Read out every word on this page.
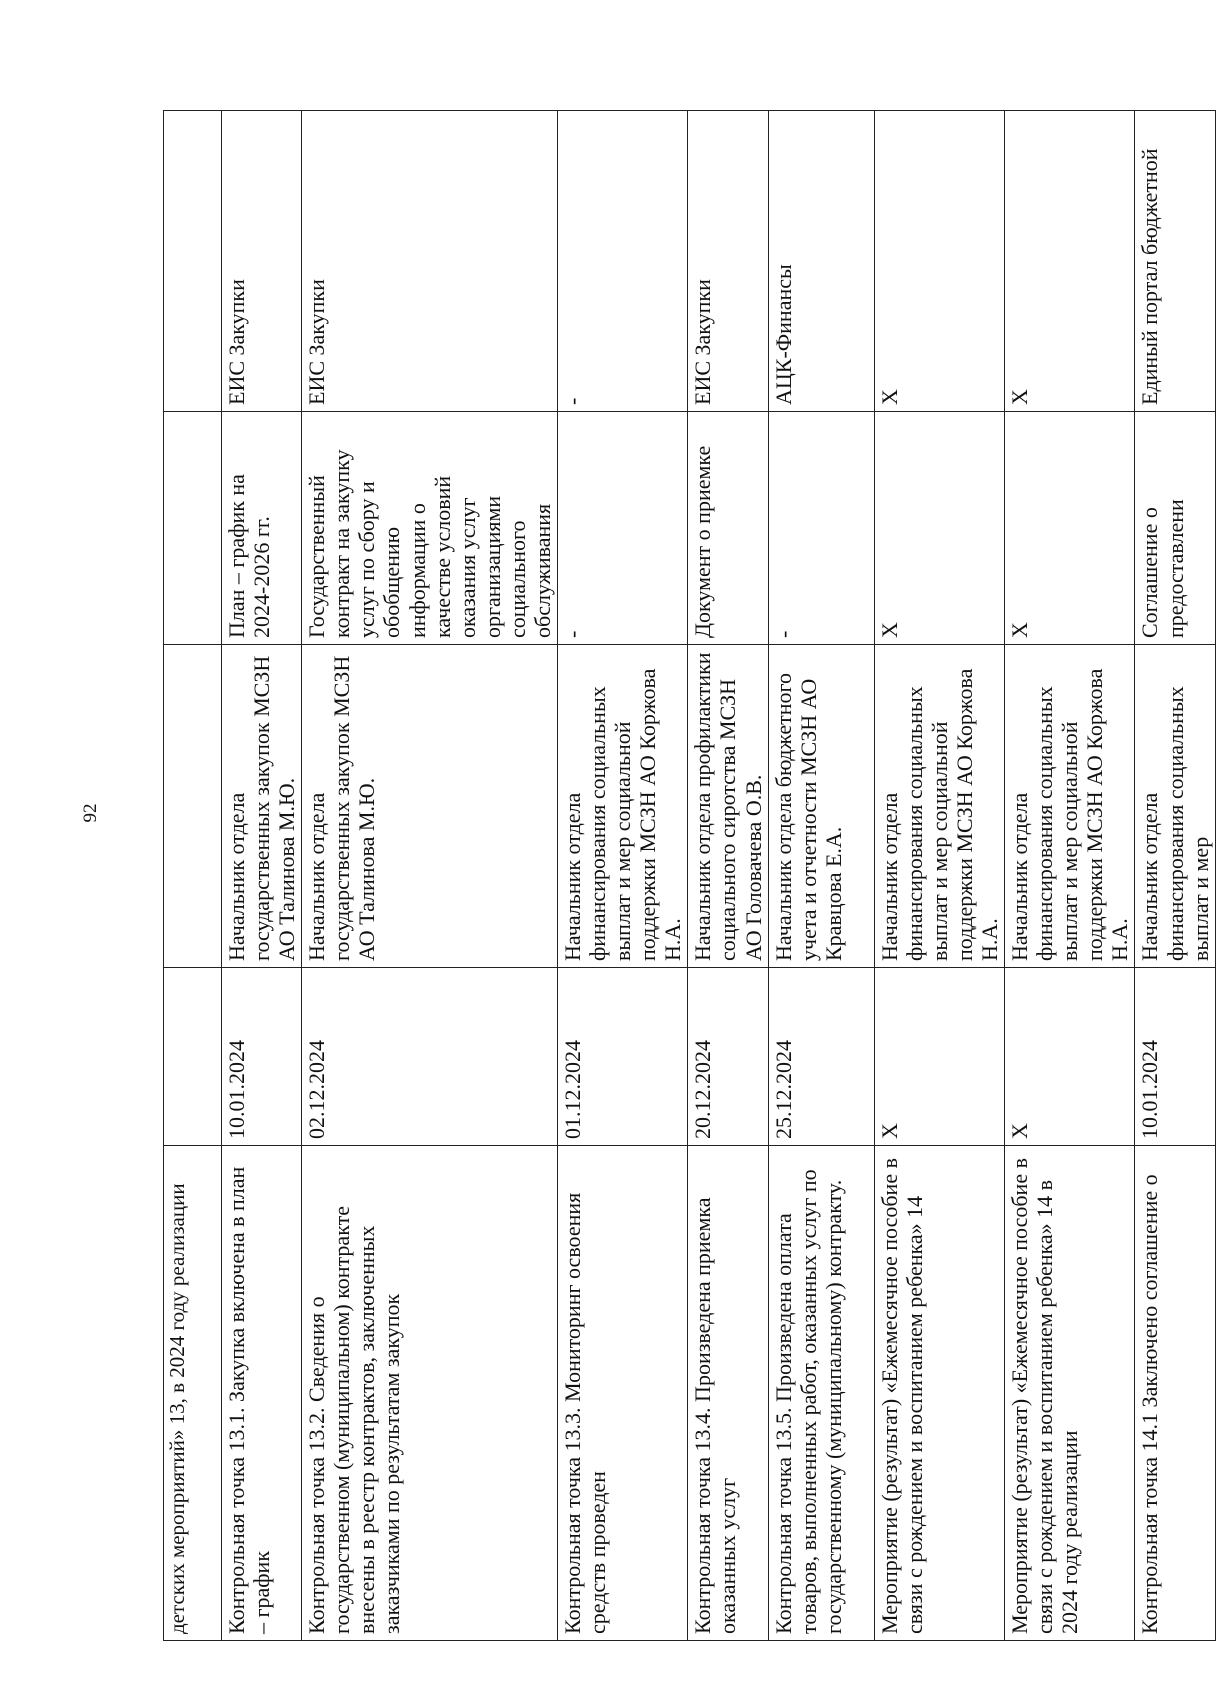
92
детских мероприятий» 13, в 2024 году реализации				
Контрольная точка 13.1. Закупка включена в план – график	10.01.2024	Начальник отдела государственных закупок МСЗН АО Талинова М.Ю.	План – график на 2024-2026 гг.	ЕИС Закупки
Контрольная точка 13.2. Сведения о государственном (муниципальном) контракте внесены в реестр контрактов, заключенных заказчиками по результатам закупок	02.12.2024	Начальник отдела государственных закупок МСЗН АО Талинова М.Ю.	Государственный контракт на закупку услуг по сбору и обобщению информации о качестве условий оказания услуг организациями социального обслуживания	ЕИС Закупки
Контрольная точка 13.3. Мониторинг освоения средств проведен	01.12.2024	Начальник отдела финансирования социальных выплат и мер социальной поддержки МСЗН АО Коржова Н.А.	-	-
Контрольная точка 13.4. Произведена приемка оказанных услуг	20.12.2024	Начальник отдела профилактики социального сиротства МСЗН АО Головачева О.В.	Документ о приемке	ЕИС Закупки
Контрольная точка 13.5. Произведена оплата товаров, выполненных работ, оказанных услуг по государственному (муниципальному) контракту.	25.12.2024	Начальник отдела бюджетного учета и отчетности МСЗН АО Кравцова Е.А.	-	АЦК-Финансы
Мероприятие (результат) «Ежемесячное пособие в связи с рождением и воспитанием ребенка» 14	Х	Начальник отдела финансирования социальных выплат и мер социальной поддержки МСЗН АО Коржова Н.А.	Х	Х
Мероприятие (результат) «Ежемесячное пособие в связи с рождением и воспитанием ребенка» 14 в 2024 году реализации	Х	Начальник отдела финансирования социальных выплат и мер социальной поддержки МСЗН АО Коржова Н.А.	Х	Х
Контрольная точка 14.1 Заключено соглашение о	10.01.2024	Начальник отдела финансирования социальных выплат и мер	Соглашение о предоставлени	Единый портал бюджетной
